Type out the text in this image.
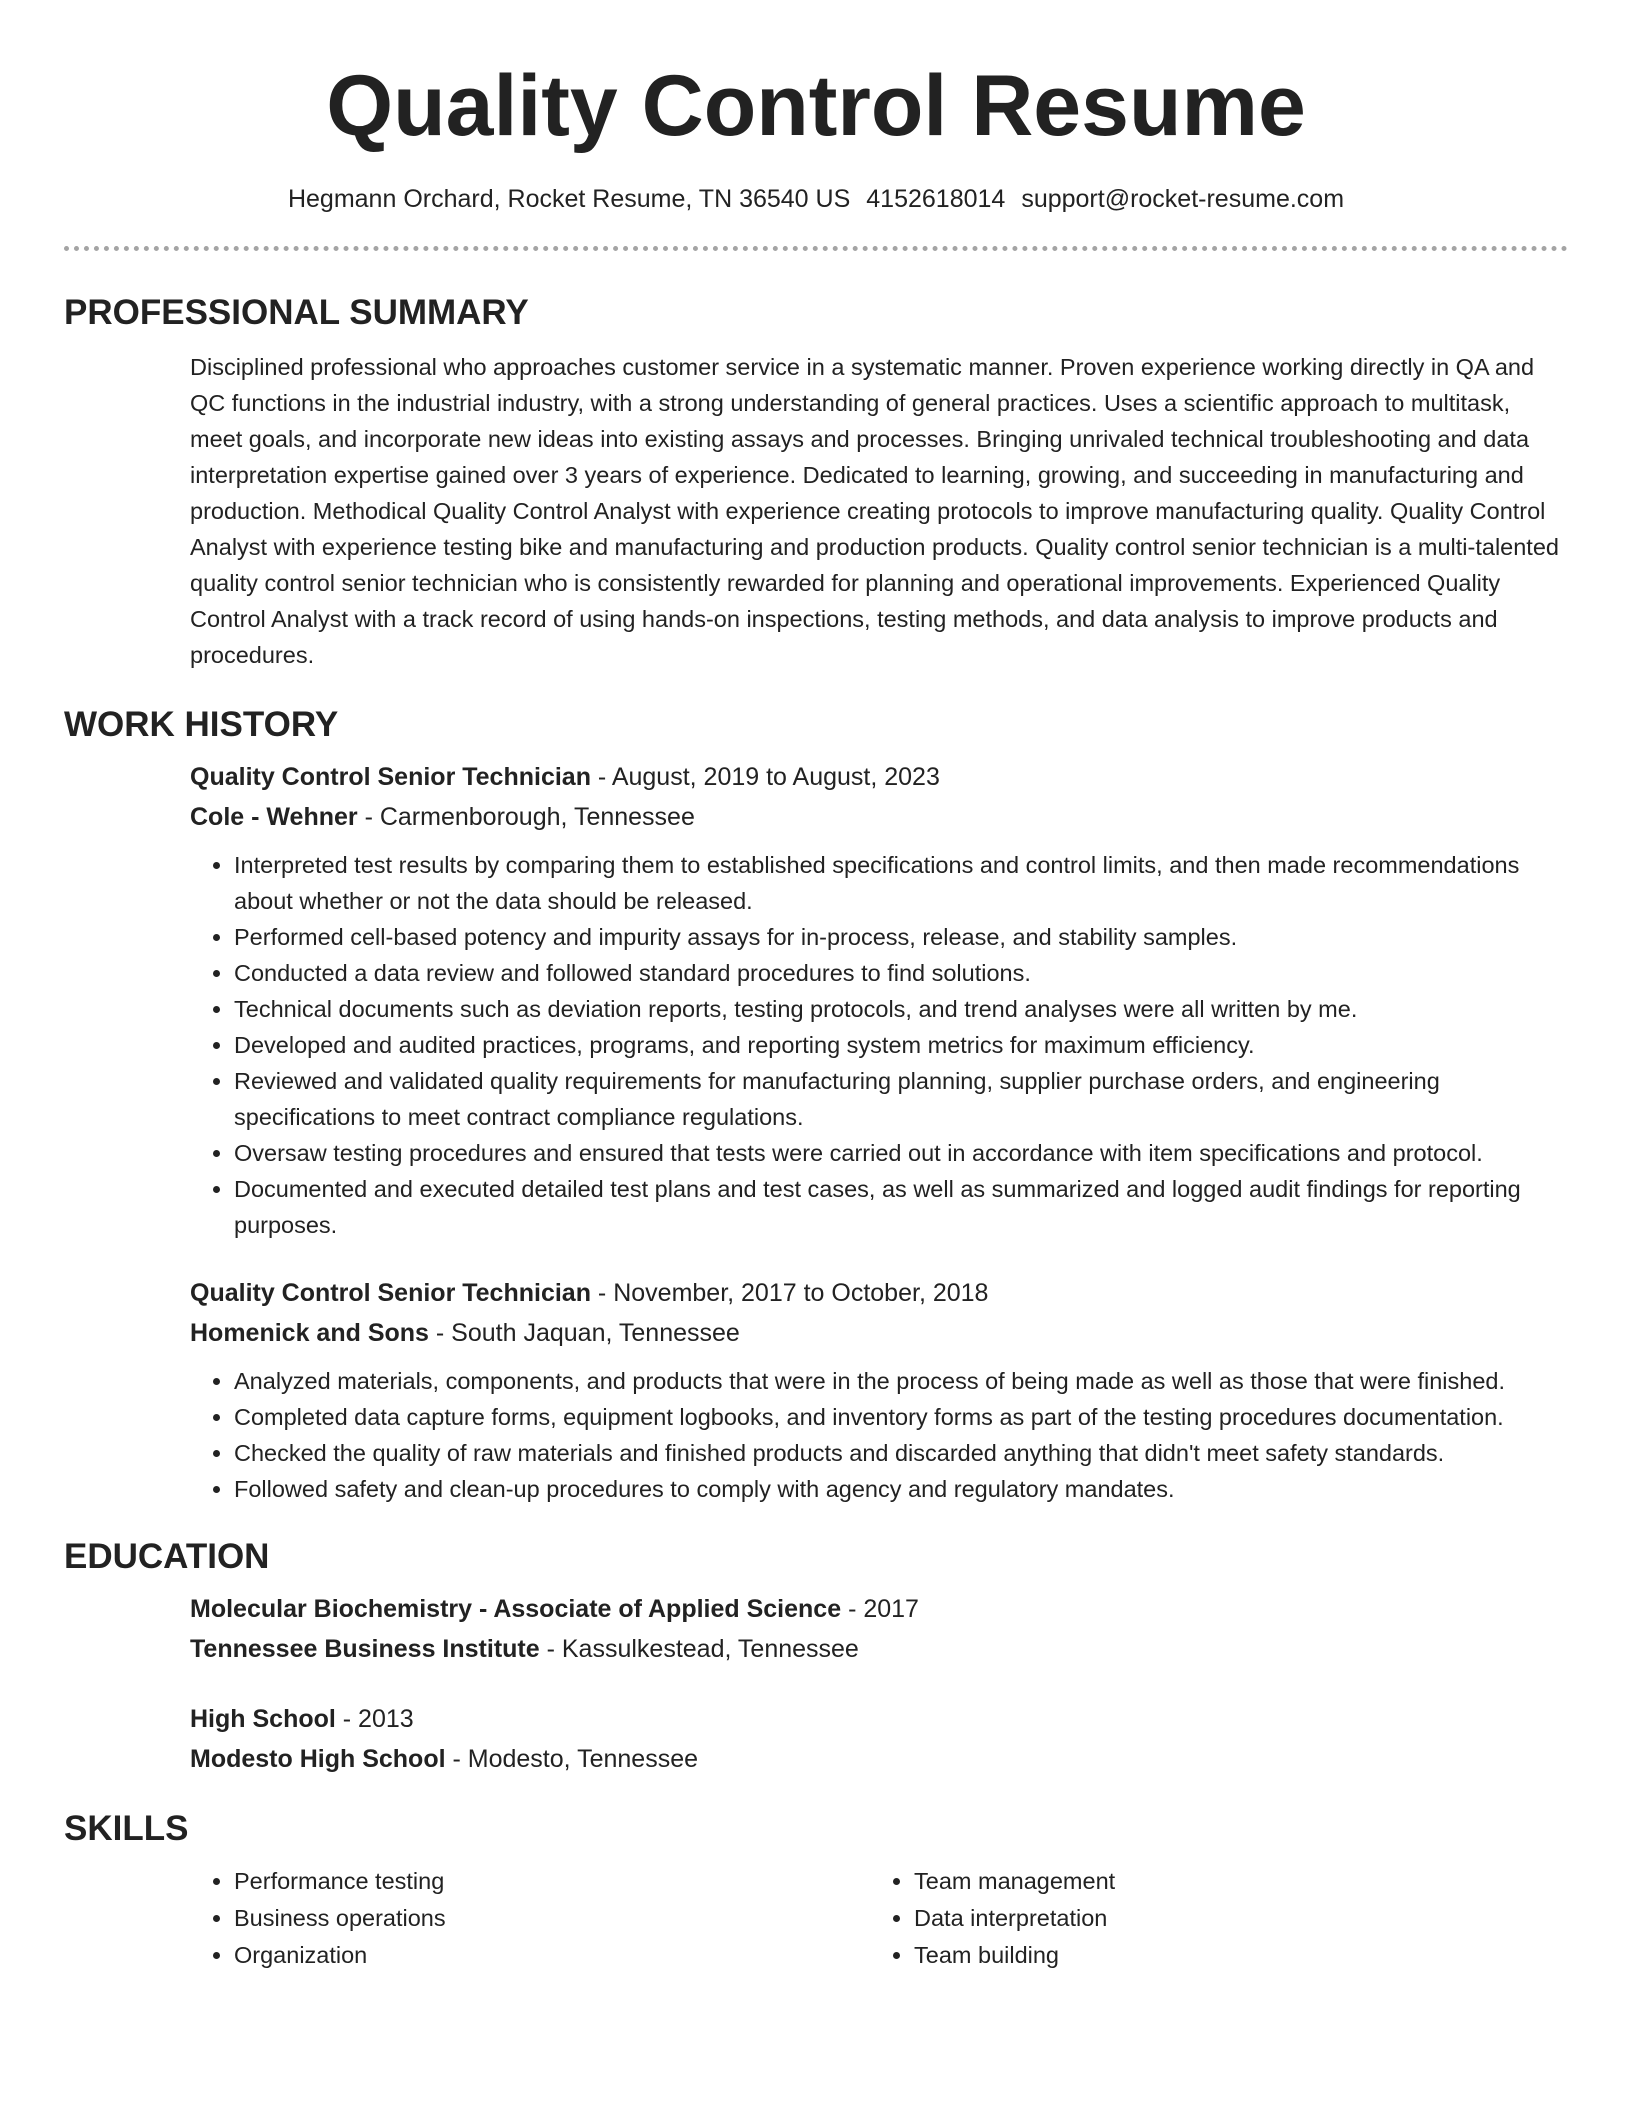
Quality Control Resume
Hegmann Orchard, Rocket Resume, TN 36540 US 4152618014 support@rocket-resume.com
PROFESSIONAL SUMMARY

Disciplined professional who approaches customer service in a systematic manner. Proven experience working directly in QA and QC functions in the industrial industry, with a strong understanding of general practices. Uses a scientific approach to multitask, meet goals, and incorporate new ideas into existing assays and processes. Bringing unrivaled technical troubleshooting and data interpretation expertise gained over 3 years of experience. Dedicated to learning, growing, and succeeding in manufacturing and production. Methodical Quality Control Analyst with experience creating protocols to improve manufacturing quality. Quality Control Analyst with experience testing bike and manufacturing and production products. Quality control senior technician is a multi-talented quality control senior technician who is consistently rewarded for planning and operational improvements. Experienced Quality Control Analyst with a track record of using hands-on inspections, testing methods, and data analysis to improve products and procedures.

WORK HISTORY
Quality Control Senior Technician - August, 2019 to August, 2023
Cole - Wehner - Carmenborough, Tennessee
• Interpreted test results by comparing them to established specifications and control limits, and then made recommendations about whether or not the data should be released.
• Performed cell-based potency and impurity assays for in-process, release, and stability samples.
• Conducted a data review and followed standard procedures to find solutions.
• Technical documents such as deviation reports, testing protocols, and trend analyses were all written by me.
• Developed and audited practices, programs, and reporting system metrics for maximum efficiency.
• Reviewed and validated quality requirements for manufacturing planning, supplier purchase orders, and engineering specifications to meet contract compliance regulations.
• Oversaw testing procedures and ensured that tests were carried out in accordance with item specifications and protocol.
• Documented and executed detailed test plans and test cases, as well as summarized and logged audit findings for reporting purposes.
Quality Control Senior Technician - November, 2017 to October, 2018
Homenick and Sons - South Jaquan, Tennessee
• Analyzed materials, components, and products that were in the process of being made as well as those that were finished.
• Completed data capture forms, equipment logbooks, and inventory forms as part of the testing procedures documentation.
• Checked the quality of raw materials and finished products and discarded anything that didn't meet safety standards.
• Followed safety and clean-up procedures to comply with agency and regulatory mandates.
EDUCATION
Molecular Biochemistry - Associate of Applied Science - 2017
Tennessee Business Institute - Kassulkestead, Tennessee
High School - 2013
Modesto High School - Modesto, Tennessee
SKILLS
• Performance testing
• Business operations
• Organization
• Team management
• Data interpretation
• Team building
